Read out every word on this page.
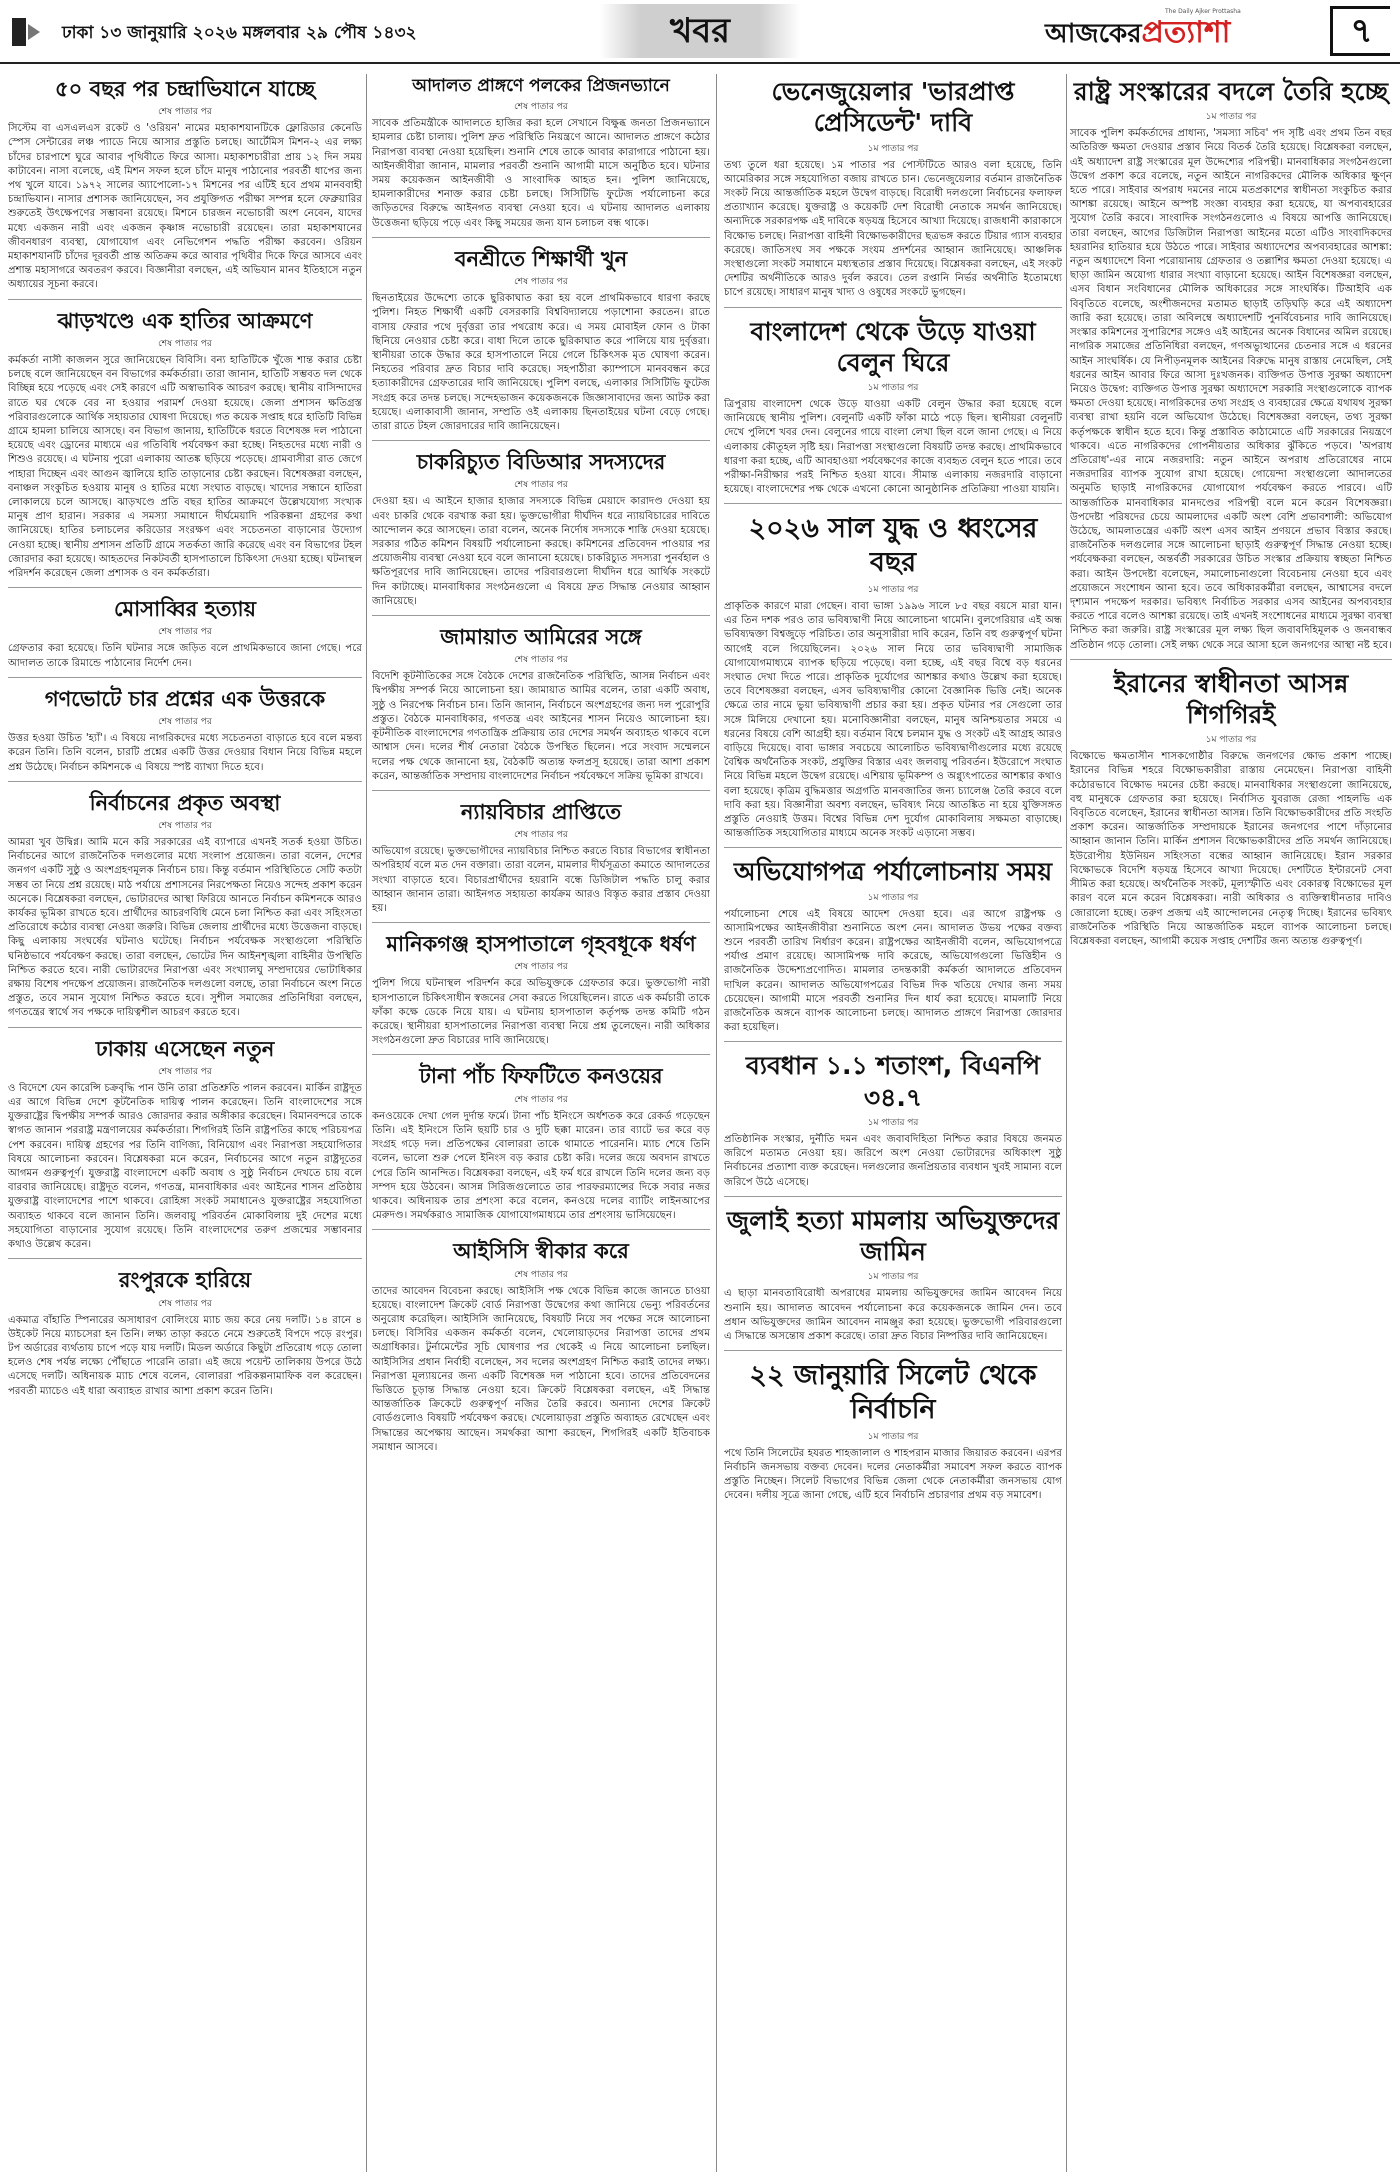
ঢাকা ১৩ জানুয়ারি ২০২৬ মঙ্গলবার ২৯ পৌষ ১৪৩২	খবর	আজকেরপ্রত্যাশা
The Daily Ajker Prottasha	৭
৫০ বছর পর চন্দ্রাভিযানে যাচ্ছে
শেষ পাতার পর

সিস্টেম বা এসএলএস রকেট ও 'ওরিয়ন' নামের মহাকাশযানটিকে ফ্লোরিডার কেনেডি স্পেস সেন্টারের লঞ্চ প্যাডে নিয়ে আসার প্রস্তুতি চলছে। আর্টেমিস মিশন-২ এর লক্ষ্য চাঁদের চারপাশে ঘুরে আবার পৃথিবীতে ফিরে আসা। মহাকাশচারীরা প্রায় ১২ দিন সময় কাটাবেন। নাসা বলেছে, এই মিশন সফল হলে চাঁদে মানুষ পাঠানোর পরবর্তী ধাপের জন্য পথ খুলে যাবে। ১৯৭২ সালের অ্যাপোলো-১৭ মিশনের পর এটিই হবে প্রথম মানববাহী চন্দ্রাভিযান। নাসার প্রশাসক জানিয়েছেন, সব প্রযুক্তিগত পরীক্ষা সম্পন্ন হলে ফেব্রুয়ারির শুরুতেই উৎক্ষেপণের সম্ভাবনা রয়েছে। মিশনে চারজন নভোচারী অংশ নেবেন, যাদের মধ্যে একজন নারী এবং একজন কৃষ্ণাঙ্গ নভোচারী রয়েছেন। তারা মহাকাশযানের জীবনধারণ ব্যবস্থা, যোগাযোগ এবং নেভিগেশন পদ্ধতি পরীক্ষা করবেন। ওরিয়ন মহাকাশযানটি চাঁদের দূরবর্তী প্রান্ত অতিক্রম করে আবার পৃথিবীর দিকে ফিরে আসবে এবং প্রশান্ত মহাসাগরে অবতরণ করবে। বিজ্ঞানীরা বলছেন, এই অভিযান মানব ইতিহাসে নতুন অধ্যায়ের সূচনা করবে।

ঝাড়খণ্ডে এক হাতির আক্রমণে
শেষ পাতার পর

কর্মকর্তা নাসী কাজলন সুরে জানিয়েছেন বিবিসি। বন্য হাতিটিকে খুঁজে শান্ত করার চেষ্টা চলছে বলে জানিয়েছেন বন বিভাগের কর্মকর্তারা। তারা জানান, হাতিটি সম্ভবত দল থেকে বিচ্ছিন্ন হয়ে পড়েছে এবং সেই কারণে এটি অস্বাভাবিক আচরণ করছে। স্থানীয় বাসিন্দাদের রাতে ঘর থেকে বের না হওয়ার পরামর্শ দেওয়া হয়েছে। জেলা প্রশাসন ক্ষতিগ্রস্ত পরিবারগুলোকে আর্থিক সহায়তার ঘোষণা দিয়েছে। গত কয়েক সপ্তাহ ধরে হাতিটি বিভিন্ন গ্রামে হামলা চালিয়ে আসছে। বন বিভাগ জানায়, হাতিটিকে ধরতে বিশেষজ্ঞ দল পাঠানো হয়েছে এবং ড্রোনের মাধ্যমে এর গতিবিধি পর্যবেক্ষণ করা হচ্ছে। নিহতদের মধ্যে নারী ও শিশুও রয়েছে। এ ঘটনায় পুরো এলাকায় আতঙ্ক ছড়িয়ে পড়েছে। গ্রামবাসীরা রাত জেগে পাহারা দিচ্ছেন এবং আগুন জ্বালিয়ে হাতি তাড়ানোর চেষ্টা করছেন। বিশেষজ্ঞরা বলছেন, বনাঞ্চল সংকুচিত হওয়ায় মানুষ ও হাতির মধ্যে সংঘাত বাড়ছে। খাদ্যের সন্ধানে হাতিরা লোকালয়ে চলে আসছে। ঝাড়খণ্ডে প্রতি বছর হাতির আক্রমণে উল্লেখযোগ্য সংখ্যক মানুষ প্রাণ হারান। সরকার এ সমস্যা সমাধানে দীর্ঘমেয়াদি পরিকল্পনা গ্রহণের কথা জানিয়েছে। হাতির চলাচলের করিডোর সংরক্ষণ এবং সচেতনতা বাড়ানোর উদ্যোগ নেওয়া হচ্ছে। স্থানীয় প্রশাসন প্রতিটি গ্রামে সতর্কতা জারি করেছে এবং বন বিভাগের টহল জোরদার করা হয়েছে। আহতদের নিকটবর্তী হাসপাতালে চিকিৎসা দেওয়া হচ্ছে। ঘটনাস্থল পরিদর্শন করেছেন জেলা প্রশাসক ও বন কর্মকর্তারা।

মোসাব্বির হত্যায়
শেষ পাতার পর

গ্রেফতার করা হয়েছে। তিনি ঘটনার সঙ্গে জড়িত বলে প্রাথমিকভাবে জানা গেছে। পরে আদালত তাকে রিমান্ডে পাঠানোর নির্দেশ দেন।

গণভোটে চার প্রশ্নের এক উত্তরকে
শেষ পাতার পর

উত্তর হওয়া উচিত 'হ্যাঁ'। এ বিষয়ে নাগরিকদের মধ্যে সচেতনতা বাড়াতে হবে বলে মন্তব্য করেন তিনি। তিনি বলেন, চারটি প্রশ্নের একটি উত্তর দেওয়ার বিধান নিয়ে বিভিন্ন মহলে প্রশ্ন উঠেছে। নির্বাচন কমিশনকে এ বিষয়ে স্পষ্ট ব্যাখ্যা দিতে হবে।

নির্বাচনের প্রকৃত অবস্থা
শেষ পাতার পর

আমরা খুব উদ্বিগ্ন। আমি মনে করি সরকারের এই ব্যাপারে এখনই সতর্ক হওয়া উচিত। নির্বাচনের আগে রাজনৈতিক দলগুলোর মধ্যে সংলাপ প্রয়োজন। তারা বলেন, দেশের জনগণ একটি সুষ্ঠু ও অংশগ্রহণমূলক নির্বাচন চায়। কিন্তু বর্তমান পরিস্থিতিতে সেটি কতটা সম্ভব তা নিয়ে প্রশ্ন রয়েছে। মাঠ পর্যায়ে প্রশাসনের নিরপেক্ষতা নিয়েও সন্দেহ প্রকাশ করেন অনেকে। বিশ্লেষকরা বলছেন, ভোটারদের আস্থা ফিরিয়ে আনতে নির্বাচন কমিশনকে আরও কার্যকর ভূমিকা রাখতে হবে। প্রার্থীদের আচরণবিধি মেনে চলা নিশ্চিত করা এবং সহিংসতা প্রতিরোধে কঠোর ব্যবস্থা নেওয়া জরুরি। বিভিন্ন জেলায় প্রার্থীদের মধ্যে উত্তেজনা বাড়ছে। কিছু এলাকায় সংঘর্ষের ঘটনাও ঘটেছে। নির্বাচন পর্যবেক্ষক সংস্থাগুলো পরিস্থিতি ঘনিষ্ঠভাবে পর্যবেক্ষণ করছে। তারা বলছেন, ভোটের দিন আইনশৃঙ্খলা বাহিনীর উপস্থিতি নিশ্চিত করতে হবে। নারী ভোটারদের নিরাপত্তা এবং সংখ্যালঘু সম্প্রদায়ের ভোটাধিকার রক্ষায় বিশেষ পদক্ষেপ প্রয়োজন। রাজনৈতিক দলগুলো বলছে, তারা নির্বাচনে অংশ নিতে প্রস্তুত, তবে সমান সুযোগ নিশ্চিত করতে হবে। সুশীল সমাজের প্রতিনিধিরা বলছেন, গণতন্ত্রের স্বার্থে সব পক্ষকে দায়িত্বশীল আচরণ করতে হবে।

ঢাকায় এসেছেন নতুন
শেষ পাতার পর

ও বিদেশে যেন কারেন্সি চক্রবৃদ্ধি পান উনি তারা প্রতিশ্রুতি পালন করবেন। মার্কিন রাষ্ট্রদূত এর আগে বিভিন্ন দেশে কূটনৈতিক দায়িত্ব পালন করেছেন। তিনি বাংলাদেশের সঙ্গে যুক্তরাষ্ট্রের দ্বিপক্ষীয় সম্পর্ক আরও জোরদার করার অঙ্গীকার করেছেন। বিমানবন্দরে তাকে স্বাগত জানান পররাষ্ট্র মন্ত্রণালয়ের কর্মকর্তারা। শিগগিরই তিনি রাষ্ট্রপতির কাছে পরিচয়পত্র পেশ করবেন। দায়িত্ব গ্রহণের পর তিনি বাণিজ্য, বিনিয়োগ এবং নিরাপত্তা সহযোগিতার বিষয়ে আলোচনা করবেন। বিশ্লেষকরা মনে করেন, নির্বাচনের আগে নতুন রাষ্ট্রদূতের আগমন গুরুত্বপূর্ণ। যুক্তরাষ্ট্র বাংলাদেশে একটি অবাধ ও সুষ্ঠু নির্বাচন দেখতে চায় বলে বারবার জানিয়েছে। রাষ্ট্রদূত বলেন, গণতন্ত্র, মানবাধিকার এবং আইনের শাসন প্রতিষ্ঠায় যুক্তরাষ্ট্র বাংলাদেশের পাশে থাকবে। রোহিঙ্গা সংকট সমাধানেও যুক্তরাষ্ট্রের সহযোগিতা অব্যাহত থাকবে বলে জানান তিনি। জলবায়ু পরিবর্তন মোকাবিলায় দুই দেশের মধ্যে সহযোগিতা বাড়ানোর সুযোগ রয়েছে। তিনি বাংলাদেশের তরুণ প্রজন্মের সম্ভাবনার কথাও উল্লেখ করেন।

রংপুরকে হারিয়ে
শেষ পাতার পর

একমাত্র বাঁহাতি স্পিনারের অসাধারণ বোলিংয়ে ম্যাচ জয় করে নেয় দলটি। ১৪ রানে ৪ উইকেট নিয়ে ম্যাচসেরা হন তিনি। লক্ষ্য তাড়া করতে নেমে শুরুতেই বিপদে পড়ে রংপুর। টপ অর্ডারের ব্যর্থতায় চাপে পড়ে যায় দলটি। মিডল অর্ডারে কিছুটা প্রতিরোধ গড়ে তোলা হলেও শেষ পর্যন্ত লক্ষ্যে পৌঁছাতে পারেনি তারা। এই জয়ে পয়েন্ট তালিকায় উপরে উঠে এসেছে দলটি। অধিনায়ক ম্যাচ শেষে বলেন, বোলাররা পরিকল্পনামাফিক বল করেছেন। পরবর্তী ম্যাচেও এই ধারা অব্যাহত রাখার আশা প্রকাশ করেন তিনি।

আদালত প্রাঙ্গণে পলকের প্রিজনভ্যানে
শেষ পাতার পর

সাবেক প্রতিমন্ত্রীকে আদালতে হাজির করা হলে সেখানে বিক্ষুব্ধ জনতা প্রিজনভ্যানে হামলার চেষ্টা চালায়। পুলিশ দ্রুত পরিস্থিতি নিয়ন্ত্রণে আনে। আদালত প্রাঙ্গণে কঠোর নিরাপত্তা ব্যবস্থা নেওয়া হয়েছিল। শুনানি শেষে তাকে আবার কারাগারে পাঠানো হয়। আইনজীবীরা জানান, মামলার পরবর্তী শুনানি আগামী মাসে অনুষ্ঠিত হবে। ঘটনার সময় কয়েকজন আইনজীবী ও সাংবাদিক আহত হন। পুলিশ জানিয়েছে, হামলাকারীদের শনাক্ত করার চেষ্টা চলছে। সিসিটিভি ফুটেজ পর্যালোচনা করে জড়িতদের বিরুদ্ধে আইনগত ব্যবস্থা নেওয়া হবে। এ ঘটনায় আদালত এলাকায় উত্তেজনা ছড়িয়ে পড়ে এবং কিছু সময়ের জন্য যান চলাচল বন্ধ থাকে।

বনশ্রীতে শিক্ষার্থী খুন
শেষ পাতার পর

ছিনতাইয়ের উদ্দেশ্যে তাকে ছুরিকাঘাত করা হয় বলে প্রাথমিকভাবে ধারণা করছে পুলিশ। নিহত শিক্ষার্থী একটি বেসরকারি বিশ্ববিদ্যালয়ে পড়াশোনা করতেন। রাতে বাসায় ফেরার পথে দুর্বৃত্তরা তার পথরোধ করে। এ সময় মোবাইল ফোন ও টাকা ছিনিয়ে নেওয়ার চেষ্টা করে। বাধা দিলে তাকে ছুরিকাঘাত করে পালিয়ে যায় দুর্বৃত্তরা। স্থানীয়রা তাকে উদ্ধার করে হাসপাতালে নিয়ে গেলে চিকিৎসক মৃত ঘোষণা করেন। নিহতের পরিবার দ্রুত বিচার দাবি করেছে। সহপাঠীরা ক্যাম্পাসে মানববন্ধন করে হত্যাকারীদের গ্রেফতারের দাবি জানিয়েছে। পুলিশ বলছে, এলাকার সিসিটিভি ফুটেজ সংগ্রহ করে তদন্ত চলছে। সন্দেহভাজন কয়েকজনকে জিজ্ঞাসাবাদের জন্য আটক করা হয়েছে। এলাকাবাসী জানান, সম্প্রতি ওই এলাকায় ছিনতাইয়ের ঘটনা বেড়ে গেছে। তারা রাতে টহল জোরদারের দাবি জানিয়েছেন।

চাকরিচ্যুত বিডিআর সদস্যদের
শেষ পাতার পর

দেওয়া হয়। এ আইনে হাজার হাজার সদস্যকে বিভিন্ন মেয়াদে কারাদণ্ড দেওয়া হয় এবং চাকরি থেকে বরখাস্ত করা হয়। ভুক্তভোগীরা দীর্ঘদিন ধরে ন্যায়বিচারের দাবিতে আন্দোলন করে আসছেন। তারা বলেন, অনেক নির্দোষ সদস্যকে শাস্তি দেওয়া হয়েছে। সরকার গঠিত কমিশন বিষয়টি পর্যালোচনা করছে। কমিশনের প্রতিবেদন পাওয়ার পর প্রয়োজনীয় ব্যবস্থা নেওয়া হবে বলে জানানো হয়েছে। চাকরিচ্যুত সদস্যরা পুনর্বহাল ও ক্ষতিপূরণের দাবি জানিয়েছেন। তাদের পরিবারগুলো দীর্ঘদিন ধরে আর্থিক সংকটে দিন কাটাচ্ছে। মানবাধিকার সংগঠনগুলো এ বিষয়ে দ্রুত সিদ্ধান্ত নেওয়ার আহ্বান জানিয়েছে।

জামায়াত আমিরের সঙ্গে
শেষ পাতার পর

বিদেশি কূটনীতিকের সঙ্গে বৈঠকে দেশের রাজনৈতিক পরিস্থিতি, আসন্ন নির্বাচন এবং দ্বিপক্ষীয় সম্পর্ক নিয়ে আলোচনা হয়। জামায়াত আমির বলেন, তারা একটি অবাধ, সুষ্ঠু ও নিরপেক্ষ নির্বাচন চান। তিনি জানান, নির্বাচনে অংশগ্রহণের জন্য দল পুরোপুরি প্রস্তুত। বৈঠকে মানবাধিকার, গণতন্ত্র এবং আইনের শাসন নিয়েও আলোচনা হয়। কূটনীতিক বাংলাদেশের গণতান্ত্রিক প্রক্রিয়ায় তার দেশের সমর্থন অব্যাহত থাকবে বলে আশ্বাস দেন। দলের শীর্ষ নেতারা বৈঠকে উপস্থিত ছিলেন। পরে সংবাদ সম্মেলনে দলের পক্ষ থেকে জানানো হয়, বৈঠকটি অত্যন্ত ফলপ্রসূ হয়েছে। তারা আশা প্রকাশ করেন, আন্তর্জাতিক সম্প্রদায় বাংলাদেশের নির্বাচন পর্যবেক্ষণে সক্রিয় ভূমিকা রাখবে।

ন্যায়বিচার প্রাপ্তিতে
শেষ পাতার পর

অভিযোগ রয়েছে। ভুক্তভোগীদের ন্যায়বিচার নিশ্চিত করতে বিচার বিভাগের স্বাধীনতা অপরিহার্য বলে মত দেন বক্তারা। তারা বলেন, মামলার দীর্ঘসূত্রতা কমাতে আদালতের সংখ্যা বাড়াতে হবে। বিচারপ্রার্থীদের হয়রানি বন্ধে ডিজিটাল পদ্ধতি চালু করার আহ্বান জানান তারা। আইনগত সহায়তা কার্যক্রম আরও বিস্তৃত করার প্রস্তাব দেওয়া হয়।

মানিকগঞ্জ হাসপাতালে গৃহবধূকে ধর্ষণ
শেষ পাতার পর

পুলিশ গিয়ে ঘটনাস্থল পরিদর্শন করে অভিযুক্তকে গ্রেফতার করে। ভুক্তভোগী নারী হাসপাতালে চিকিৎসাধীন স্বজনের সেবা করতে গিয়েছিলেন। রাতে এক কর্মচারী তাকে ফাঁকা কক্ষে ডেকে নিয়ে যায়। এ ঘটনায় হাসপাতাল কর্তৃপক্ষ তদন্ত কমিটি গঠন করেছে। স্থানীয়রা হাসপাতালের নিরাপত্তা ব্যবস্থা নিয়ে প্রশ্ন তুলেছেন। নারী অধিকার সংগঠনগুলো দ্রুত বিচারের দাবি জানিয়েছে।

টানা পাঁচ ফিফটিতে কনওয়ের
শেষ পাতার পর

কনওয়েকে দেখা গেল দুর্দান্ত ফর্মে। টানা পাঁচ ইনিংসে অর্ধশতক করে রেকর্ড গড়েছেন তিনি। এই ইনিংসে তিনি ছয়টি চার ও দুটি ছক্কা মারেন। তার ব্যাটে ভর করে বড় সংগ্রহ গড়ে দল। প্রতিপক্ষের বোলাররা তাকে থামাতে পারেননি। ম্যাচ শেষে তিনি বলেন, ভালো শুরু পেলে ইনিংস বড় করার চেষ্টা করি। দলের জয়ে অবদান রাখতে পেরে তিনি আনন্দিত। বিশ্লেষকরা বলছেন, এই ফর্ম ধরে রাখলে তিনি দলের জন্য বড় সম্পদ হয়ে উঠবেন। আসন্ন সিরিজগুলোতে তার পারফরম্যান্সের দিকে সবার নজর থাকবে। অধিনায়ক তার প্রশংসা করে বলেন, কনওয়ে দলের ব্যাটিং লাইনআপের মেরুদণ্ড। সমর্থকরাও সামাজিক যোগাযোগমাধ্যমে তার প্রশংসায় ভাসিয়েছেন।

আইসিসি স্বীকার করে
শেষ পাতার পর

তাদের আবেদন বিবেচনা করছে। আইসিসি পক্ষ থেকে বিভিন্ন কাজে জানতে চাওয়া হয়েছে। বাংলাদেশ ক্রিকেট বোর্ড নিরাপত্তা উদ্বেগের কথা জানিয়ে ভেন্যু পরিবর্তনের অনুরোধ করেছিল। আইসিসি জানিয়েছে, বিষয়টি নিয়ে সব পক্ষের সঙ্গে আলোচনা চলছে। বিসিবির একজন কর্মকর্তা বলেন, খেলোয়াড়দের নিরাপত্তা তাদের প্রথম অগ্রাধিকার। টুর্নামেন্টের সূচি ঘোষণার পর থেকেই এ নিয়ে আলোচনা চলছিল। আইসিসির প্রধান নির্বাহী বলেছেন, সব দলের অংশগ্রহণ নিশ্চিত করাই তাদের লক্ষ্য। নিরাপত্তা মূল্যায়নের জন্য একটি বিশেষজ্ঞ দল পাঠানো হবে। তাদের প্রতিবেদনের ভিত্তিতে চূড়ান্ত সিদ্ধান্ত নেওয়া হবে। ক্রিকেট বিশ্লেষকরা বলছেন, এই সিদ্ধান্ত আন্তর্জাতিক ক্রিকেটে গুরুত্বপূর্ণ নজির তৈরি করবে। অন্যান্য দেশের ক্রিকেট বোর্ডগুলোও বিষয়টি পর্যবেক্ষণ করছে। খেলোয়াড়রা প্রস্তুতি অব্যাহত রেখেছেন এবং সিদ্ধান্তের অপেক্ষায় আছেন। সমর্থকরা আশা করছেন, শিগগিরই একটি ইতিবাচক সমাধান আসবে।

ভেনেজুয়েলার 'ভারপ্রাপ্ত প্রেসিডেন্ট' দাবি
১ম পাতার পর

তথ্য তুলে ধরা হয়েছে। ১ম পাতার পর পোস্টটিতে আরও বলা হয়েছে, তিনি আমেরিকার সঙ্গে সহযোগিতা বজায় রাখতে চান। ভেনেজুয়েলার বর্তমান রাজনৈতিক সংকট নিয়ে আন্তর্জাতিক মহলে উদ্বেগ বাড়ছে। বিরোধী দলগুলো নির্বাচনের ফলাফল প্রত্যাখ্যান করেছে। যুক্তরাষ্ট্র ও কয়েকটি দেশ বিরোধী নেতাকে সমর্থন জানিয়েছে। অন্যদিকে সরকারপক্ষ এই দাবিকে ষড়যন্ত্র হিসেবে আখ্যা দিয়েছে। রাজধানী কারাকাসে বিক্ষোভ চলছে। নিরাপত্তা বাহিনী বিক্ষোভকারীদের ছত্রভঙ্গ করতে টিয়ার গ্যাস ব্যবহার করেছে। জাতিসংঘ সব পক্ষকে সংযম প্রদর্শনের আহ্বান জানিয়েছে। আঞ্চলিক সংস্থাগুলো সংকট সমাধানে মধ্যস্থতার প্রস্তাব দিয়েছে। বিশ্লেষকরা বলছেন, এই সংকট দেশটির অর্থনীতিকে আরও দুর্বল করবে। তেল রপ্তানি নির্ভর অর্থনীতি ইতোমধ্যে চাপে রয়েছে। সাধারণ মানুষ খাদ্য ও ওষুধের সংকটে ভুগছেন।

বাংলাদেশ থেকে উড়ে যাওয়া বেলুন ঘিরে
১ম পাতার পর

ত্রিপুরায় বাংলাদেশ থেকে উড়ে যাওয়া একটি বেলুন উদ্ধার করা হয়েছে বলে জানিয়েছে স্থানীয় পুলিশ। বেলুনটি একটি ফাঁকা মাঠে পড়ে ছিল। স্থানীয়রা বেলুনটি দেখে পুলিশে খবর দেন। বেলুনের গায়ে বাংলা লেখা ছিল বলে জানা গেছে। এ নিয়ে এলাকায় কৌতূহল সৃষ্টি হয়। নিরাপত্তা সংস্থাগুলো বিষয়টি তদন্ত করছে। প্রাথমিকভাবে ধারণা করা হচ্ছে, এটি আবহাওয়া পর্যবেক্ষণের কাজে ব্যবহৃত বেলুন হতে পারে। তবে পরীক্ষা-নিরীক্ষার পরই নিশ্চিত হওয়া যাবে। সীমান্ত এলাকায় নজরদারি বাড়ানো হয়েছে। বাংলাদেশের পক্ষ থেকে এখনো কোনো আনুষ্ঠানিক প্রতিক্রিয়া পাওয়া যায়নি।

২০২৬ সাল যুদ্ধ ও ধ্বংসের বছর
১ম পাতার পর

প্রাকৃতিক কারণে মারা গেছেন। বাবা ভাঙ্গা ১৯৯৬ সালে ৮৫ বছর বয়সে মারা যান। এর তিন দশক পরও তার ভবিষ্যদ্বাণী নিয়ে আলোচনা থামেনি। বুলগেরিয়ার এই অন্ধ ভবিষ্যদ্বক্তা বিশ্বজুড়ে পরিচিত। তার অনুসারীরা দাবি করেন, তিনি বহু গুরুত্বপূর্ণ ঘটনা আগেই বলে গিয়েছিলেন। ২০২৬ সাল নিয়ে তার ভবিষ্যদ্বাণী সামাজিক যোগাযোগমাধ্যমে ব্যাপক ছড়িয়ে পড়েছে। বলা হচ্ছে, এই বছর বিশ্বে বড় ধরনের সংঘাত দেখা দিতে পারে। প্রাকৃতিক দুর্যোগের আশঙ্কার কথাও উল্লেখ করা হয়েছে। তবে বিশেষজ্ঞরা বলছেন, এসব ভবিষ্যদ্বাণীর কোনো বৈজ্ঞানিক ভিত্তি নেই। অনেক ক্ষেত্রে তার নামে ভুয়া ভবিষ্যদ্বাণী প্রচার করা হয়। প্রকৃত ঘটনার পর সেগুলো তার সঙ্গে মিলিয়ে দেখানো হয়। মনোবিজ্ঞানীরা বলছেন, মানুষ অনিশ্চয়তার সময়ে এ ধরনের বিষয়ে বেশি আগ্রহী হয়। বর্তমান বিশ্বে চলমান যুদ্ধ ও সংকট এই আগ্রহ আরও বাড়িয়ে দিয়েছে। বাবা ভাঙ্গার সবচেয়ে আলোচিত ভবিষ্যদ্বাণীগুলোর মধ্যে রয়েছে বৈশ্বিক অর্থনৈতিক সংকট, প্রযুক্তির বিস্তার এবং জলবায়ু পরিবর্তন। ইউরোপে সংঘাত নিয়ে বিভিন্ন মহলে উদ্বেগ রয়েছে। এশিয়ায় ভূমিকম্প ও অগ্ন্যুৎপাতের আশঙ্কার কথাও বলা হয়েছে। কৃত্রিম বুদ্ধিমত্তার অগ্রগতি মানবজাতির জন্য চ্যালেঞ্জ তৈরি করবে বলে দাবি করা হয়। বিজ্ঞানীরা অবশ্য বলছেন, ভবিষ্যৎ নিয়ে আতঙ্কিত না হয়ে যুক্তিসঙ্গত প্রস্তুতি নেওয়াই উত্তম। বিশ্বের বিভিন্ন দেশ দুর্যোগ মোকাবিলায় সক্ষমতা বাড়াচ্ছে। আন্তর্জাতিক সহযোগিতার মাধ্যমে অনেক সংকট এড়ানো সম্ভব।

অভিযোগপত্র পর্যালোচনায় সময়
১ম পাতার পর

পর্যালোচনা শেষে এই বিষয়ে আদেশ দেওয়া হবে। এর আগে রাষ্ট্রপক্ষ ও আসামিপক্ষের আইনজীবীরা শুনানিতে অংশ নেন। আদালত উভয় পক্ষের বক্তব্য শুনে পরবর্তী তারিখ নির্ধারণ করেন। রাষ্ট্রপক্ষের আইনজীবী বলেন, অভিযোগপত্রে পর্যাপ্ত প্রমাণ রয়েছে। আসামিপক্ষ দাবি করেছে, অভিযোগগুলো ভিত্তিহীন ও রাজনৈতিক উদ্দেশ্যপ্রণোদিত। মামলার তদন্তকারী কর্মকর্তা আদালতে প্রতিবেদন দাখিল করেন। আদালত অভিযোগপত্রের বিভিন্ন দিক খতিয়ে দেখার জন্য সময় চেয়েছেন। আগামী মাসে পরবর্তী শুনানির দিন ধার্য করা হয়েছে। মামলাটি নিয়ে রাজনৈতিক অঙ্গনে ব্যাপক আলোচনা চলছে। আদালত প্রাঙ্গণে নিরাপত্তা জোরদার করা হয়েছিল।

ব্যবধান ১.১ শতাংশ, বিএনপি ৩৪.৭
১ম পাতার পর

প্রতিষ্ঠানিক সংস্কার, দুর্নীতি দমন এবং জবাবদিহিতা নিশ্চিত করার বিষয়ে জনমত জরিপে মতামত নেওয়া হয়। জরিপে অংশ নেওয়া ভোটারদের অধিকাংশ সুষ্ঠু নির্বাচনের প্রত্যাশা ব্যক্ত করেছেন। দলগুলোর জনপ্রিয়তার ব্যবধান খুবই সামান্য বলে জরিপে উঠে এসেছে।

জুলাই হত্যা মামলায় অভিযুক্তদের জামিন
১ম পাতার পর

এ ছাড়া মানবতাবিরোধী অপরাধের মামলায় অভিযুক্তদের জামিন আবেদন নিয়ে শুনানি হয়। আদালত আবেদন পর্যালোচনা করে কয়েকজনকে জামিন দেন। তবে প্রধান অভিযুক্তদের জামিন আবেদন নামঞ্জুর করা হয়েছে। ভুক্তভোগী পরিবারগুলো এ সিদ্ধান্তে অসন্তোষ প্রকাশ করেছে। তারা দ্রুত বিচার নিষ্পত্তির দাবি জানিয়েছেন।

২২ জানুয়ারি সিলেট থেকে নির্বাচনি
১ম পাতার পর

পথে তিনি সিলেটের হযরত শাহজালাল ও শাহপরান মাজার জিয়ারত করবেন। এরপর নির্বাচনি জনসভায় বক্তব্য দেবেন। দলের নেতাকর্মীরা সমাবেশ সফল করতে ব্যাপক প্রস্তুতি নিচ্ছেন। সিলেট বিভাগের বিভিন্ন জেলা থেকে নেতাকর্মীরা জনসভায় যোগ দেবেন। দলীয় সূত্রে জানা গেছে, এটি হবে নির্বাচনি প্রচারণার প্রথম বড় সমাবেশ।

রাষ্ট্র সংস্কারের বদলে তৈরি হচ্ছে
১ম পাতার পর

সাবেক পুলিশ কর্মকর্তাদের প্রাধান্য, 'সমস্যা সচিব' পদ সৃষ্টি এবং প্রথম তিন বছর অতিরিক্ত ক্ষমতা দেওয়ার প্রস্তাব নিয়ে বিতর্ক তৈরি হয়েছে। বিশ্লেষকরা বলছেন, এই অধ্যাদেশ রাষ্ট্র সংস্কারের মূল উদ্দেশ্যের পরিপন্থী। মানবাধিকার সংগঠনগুলো উদ্বেগ প্রকাশ করে বলেছে, নতুন আইনে নাগরিকদের মৌলিক অধিকার ক্ষুণ্ন হতে পারে। সাইবার অপরাধ দমনের নামে মতপ্রকাশের স্বাধীনতা সংকুচিত করার আশঙ্কা রয়েছে। আইনে অস্পষ্ট সংজ্ঞা ব্যবহার করা হয়েছে, যা অপব্যবহারের সুযোগ তৈরি করবে। সাংবাদিক সংগঠনগুলোও এ বিষয়ে আপত্তি জানিয়েছে। তারা বলছেন, আগের ডিজিটাল নিরাপত্তা আইনের মতো এটিও সাংবাদিকদের হয়রানির হাতিয়ার হয়ে উঠতে পারে। সাইবার অধ্যাদেশের অপব্যবহারের আশঙ্কা: নতুন অধ্যাদেশে বিনা পরোয়ানায় গ্রেফতার ও তল্লাশির ক্ষমতা দেওয়া হয়েছে। এ ছাড়া জামিন অযোগ্য ধারার সংখ্যা বাড়ানো হয়েছে। আইন বিশেষজ্ঞরা বলছেন, এসব বিধান সংবিধানের মৌলিক অধিকারের সঙ্গে সাংঘর্ষিক। টিআইবি এক বিবৃতিতে বলেছে, অংশীজনদের মতামত ছাড়াই তড়িঘড়ি করে এই অধ্যাদেশ জারি করা হয়েছে। তারা অবিলম্বে অধ্যাদেশটি পুনর্বিবেচনার দাবি জানিয়েছে। সংস্কার কমিশনের সুপারিশের সঙ্গেও এই আইনের অনেক বিধানের অমিল রয়েছে। নাগরিক সমাজের প্রতিনিধিরা বলছেন, গণঅভ্যুত্থানের চেতনার সঙ্গে এ ধরনের আইন সাংঘর্ষিক। যে নিপীড়নমূলক আইনের বিরুদ্ধে মানুষ রাস্তায় নেমেছিল, সেই ধরনের আইন আবার ফিরে আসা দুঃখজনক। ব্যক্তিগত উপাত্ত সুরক্ষা অধ্যাদেশ নিয়েও উদ্বেগ: ব্যক্তিগত উপাত্ত সুরক্ষা অধ্যাদেশে সরকারি সংস্থাগুলোকে ব্যাপক ক্ষমতা দেওয়া হয়েছে। নাগরিকদের তথ্য সংগ্রহ ও ব্যবহারের ক্ষেত্রে যথাযথ সুরক্ষা ব্যবস্থা রাখা হয়নি বলে অভিযোগ উঠেছে। বিশেষজ্ঞরা বলছেন, তথ্য সুরক্ষা কর্তৃপক্ষকে স্বাধীন হতে হবে। কিন্তু প্রস্তাবিত কাঠামোতে এটি সরকারের নিয়ন্ত্রণে থাকবে। এতে নাগরিকদের গোপনীয়তার অধিকার ঝুঁকিতে পড়বে। 'অপরাধ প্রতিরোধ'-এর নামে নজরদারি: নতুন আইনে অপরাধ প্রতিরোধের নামে নজরদারির ব্যাপক সুযোগ রাখা হয়েছে। গোয়েন্দা সংস্থাগুলো আদালতের অনুমতি ছাড়াই নাগরিকদের যোগাযোগ পর্যবেক্ষণ করতে পারবে। এটি আন্তর্জাতিক মানবাধিকার মানদণ্ডের পরিপন্থী বলে মনে করেন বিশেষজ্ঞরা। উপদেষ্টা পরিষদের চেয়ে আমলাদের একটি অংশ বেশি প্রভাবশালী: অভিযোগ উঠেছে, আমলাতন্ত্রের একটি অংশ এসব আইন প্রণয়নে প্রভাব বিস্তার করছে। রাজনৈতিক দলগুলোর সঙ্গে আলোচনা ছাড়াই গুরুত্বপূর্ণ সিদ্ধান্ত নেওয়া হচ্ছে। পর্যবেক্ষকরা বলছেন, অন্তর্বর্তী সরকারের উচিত সংস্কার প্রক্রিয়ায় স্বচ্ছতা নিশ্চিত করা। আইন উপদেষ্টা বলেছেন, সমালোচনাগুলো বিবেচনায় নেওয়া হবে এবং প্রয়োজনে সংশোধন আনা হবে। তবে অধিকারকর্মীরা বলছেন, আশ্বাসের বদলে দৃশ্যমান পদক্ষেপ দরকার। ভবিষ্যৎ নির্বাচিত সরকার এসব আইনের অপব্যবহার করতে পারে বলেও আশঙ্কা রয়েছে। তাই এখনই সংশোধনের মাধ্যমে সুরক্ষা ব্যবস্থা নিশ্চিত করা জরুরি। রাষ্ট্র সংস্কারের মূল লক্ষ্য ছিল জবাবদিহিমূলক ও জনবান্ধব প্রতিষ্ঠান গড়ে তোলা। সেই লক্ষ্য থেকে সরে আসা হলে জনগণের আস্থা নষ্ট হবে।

ইরানের স্বাধীনতা আসন্ন শিগগিরই
১ম পাতার পর

বিক্ষোভে ক্ষমতাসীন শাসকগোষ্ঠীর বিরুদ্ধে জনগণের ক্ষোভ প্রকাশ পাচ্ছে। ইরানের বিভিন্ন শহরে বিক্ষোভকারীরা রাস্তায় নেমেছেন। নিরাপত্তা বাহিনী কঠোরভাবে বিক্ষোভ দমনের চেষ্টা করছে। মানবাধিকার সংস্থাগুলো জানিয়েছে, বহু মানুষকে গ্রেফতার করা হয়েছে। নির্বাসিত যুবরাজ রেজা পাহলভি এক বিবৃতিতে বলেছেন, ইরানের স্বাধীনতা আসন্ন। তিনি বিক্ষোভকারীদের প্রতি সংহতি প্রকাশ করেন। আন্তর্জাতিক সম্প্রদায়কে ইরানের জনগণের পাশে দাঁড়ানোর আহ্বান জানান তিনি। মার্কিন প্রশাসন বিক্ষোভকারীদের প্রতি সমর্থন জানিয়েছে। ইউরোপীয় ইউনিয়ন সহিংসতা বন্ধের আহ্বান জানিয়েছে। ইরান সরকার বিক্ষোভকে বিদেশি ষড়যন্ত্র হিসেবে আখ্যা দিয়েছে। দেশটিতে ইন্টারনেট সেবা সীমিত করা হয়েছে। অর্থনৈতিক সংকট, মূল্যস্ফীতি এবং বেকারত্ব বিক্ষোভের মূল কারণ বলে মনে করেন বিশ্লেষকরা। নারী অধিকার ও ব্যক্তিস্বাধীনতার দাবিও জোরালো হচ্ছে। তরুণ প্রজন্ম এই আন্দোলনের নেতৃত্ব দিচ্ছে। ইরানের ভবিষ্যৎ রাজনৈতিক পরিস্থিতি নিয়ে আন্তর্জাতিক মহলে ব্যাপক আলোচনা চলছে। বিশ্লেষকরা বলছেন, আগামী কয়েক সপ্তাহ দেশটির জন্য অত্যন্ত গুরুত্বপূর্ণ।
